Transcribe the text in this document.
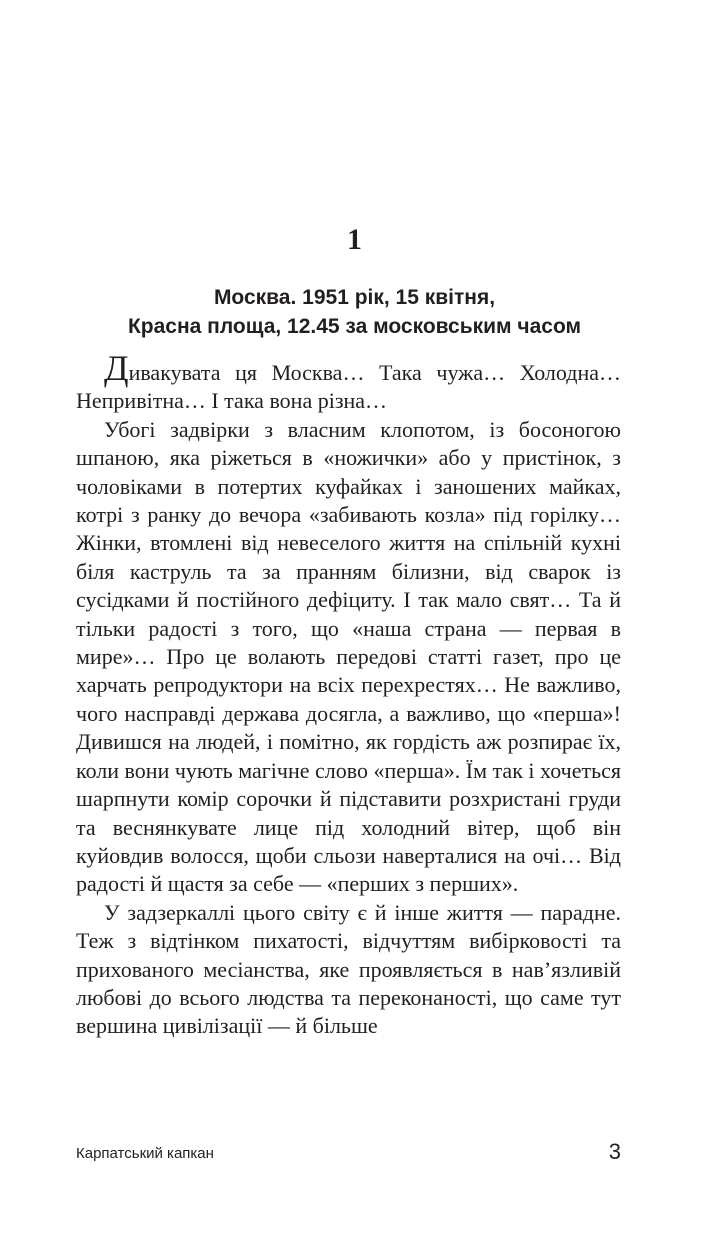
1
Москва. 1951 рік, 15 квітня,
Красна площа, 12.45 за московським часом

Дивакувата ця Москва… Така чужа… Холодна… Непривітна… І така вона різна…

Убогі задвірки з власним клопотом, із босоногою шпаною, яка ріжеться в «ножички» або у пристінок, з чоловіками в потертих куфайках і заношених майках, котрі з ранку до вечора «забивають козла» під горілку… Жінки, втомлені від невеселого життя на спільній кухні біля каструль та за пранням білизни, від сварок із сусідками й постійного дефіциту. І так мало свят… Та й тільки радості з того, що «наша страна — первая в мире»… Про це волають передові статті газет, про це харчать репродуктори на всіх перехрестях… Не важливо, чого насправді держава досягла, а важливо, що «перша»! Дивишся на людей, і помітно, як гордість аж розпирає їх, коли вони чують магічне слово «перша». Їм так і хочеться шарпнути комір сорочки й підставити розхристані груди та веснянкувате лице під холодний вітер, щоб він куйовдив волосся, щоби сльози наверталися на очі… Від радості й щастя за себе — «перших з перших».

У задзеркаллі цього світу є й інше життя — парадне. Теж з відтінком пихатості, відчуттям вибірковості та прихованого месіанства, яке проявляється в нав’язливій любові до всього людства та переконаності, що саме тут вершина цивілізації — й більше

Карпатський капкан	3
